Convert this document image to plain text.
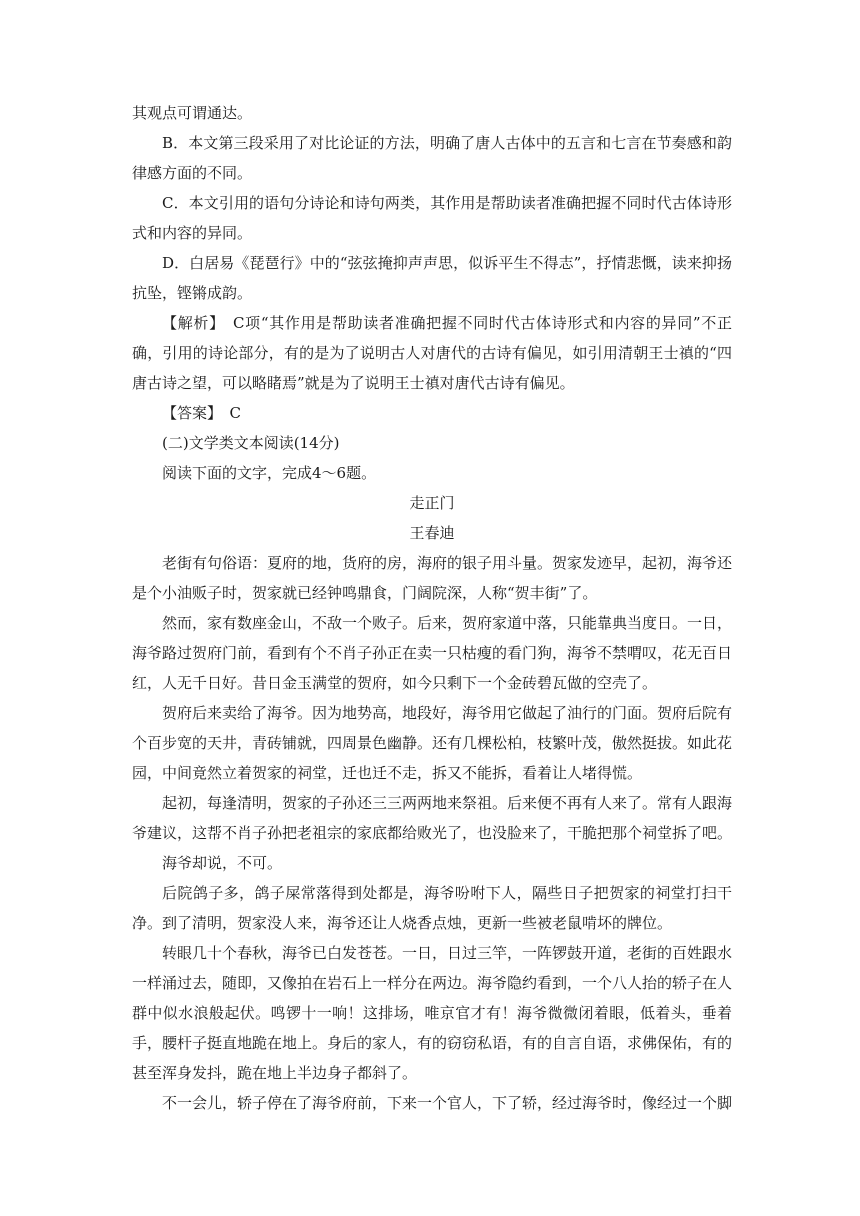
其观点可谓通达。

B．本文第三段采用了对比论证的方法，明确了唐人古体中的五言和七言在节奏感和韵律感方面的不同。

C．本文引用的语句分诗论和诗句两类，其作用是帮助读者准确把握不同时代古体诗形式和内容的异同。

D．白居易《琵琶行》中的“弦弦掩抑声声思，似诉平生不得志”，抒情悲慨，读来抑扬抗坠，铿锵成韵。

【解析】　C项“其作用是帮助读者准确把握不同时代古体诗形式和内容的异同”不正确，引用的诗论部分，有的是为了说明古人对唐代的古诗有偏见，如引用清朝王士禛的“四唐古诗之望，可以略睹焉”就是为了说明王士禛对唐代古诗有偏见。

【答案】　C

(二)文学类文本阅读(14分)

阅读下面的文字，完成4～6题。

走正门

王春迪

老街有句俗语：夏府的地，货府的房，海府的银子用斗量。贺家发迹早，起初，海爷还是个小油贩子时，贺家就已经钟鸣鼎食，门阔院深，人称“贺丰街”了。

然而，家有数座金山，不敌一个败子。后来，贺府家道中落，只能靠典当度日。一日，海爷路过贺府门前，看到有个不肖子孙正在卖一只枯瘦的看门狗，海爷不禁喟叹，花无百日红，人无千日好。昔日金玉满堂的贺府，如今只剩下一个金砖碧瓦做的空壳了。

贺府后来卖给了海爷。因为地势高，地段好，海爷用它做起了油行的门面。贺府后院有个百步宽的天井，青砖铺就，四周景色幽静。还有几棵松柏，枝繁叶茂，傲然挺拔。如此花园，中间竟然立着贺家的祠堂，迁也迁不走，拆又不能拆，看着让人堵得慌。

起初，每逢清明，贺家的子孙还三三两两地来祭祖。后来便不再有人来了。常有人跟海爷建议，这帮不肖子孙把老祖宗的家底都给败光了，也没脸来了，干脆把那个祠堂拆了吧。

海爷却说，不可。

后院鸽子多，鸽子屎常落得到处都是，海爷吩咐下人，隔些日子把贺家的祠堂打扫干净。到了清明，贺家没人来，海爷还让人烧香点烛，更新一些被老鼠啃坏的牌位。

转眼几十个春秋，海爷已白发苍苍。一日，日过三竿，一阵锣鼓开道，老街的百姓跟水一样涌过去，随即，又像拍在岩石上一样分在两边。海爷隐约看到，一个八人抬的轿子在人群中似水浪般起伏。鸣锣十一响！这排场，唯京官才有！海爷微微闭着眼，低着头，垂着手，腰杆子挺直地跪在地上。身后的家人，有的窃窃私语，有的自言自语，求佛保佑，有的甚至浑身发抖，跪在地上半边身子都斜了。

不一会儿，轿子停在了海爷府前，下来一个官人，下了轿，经过海爷时，像经过一个脚
